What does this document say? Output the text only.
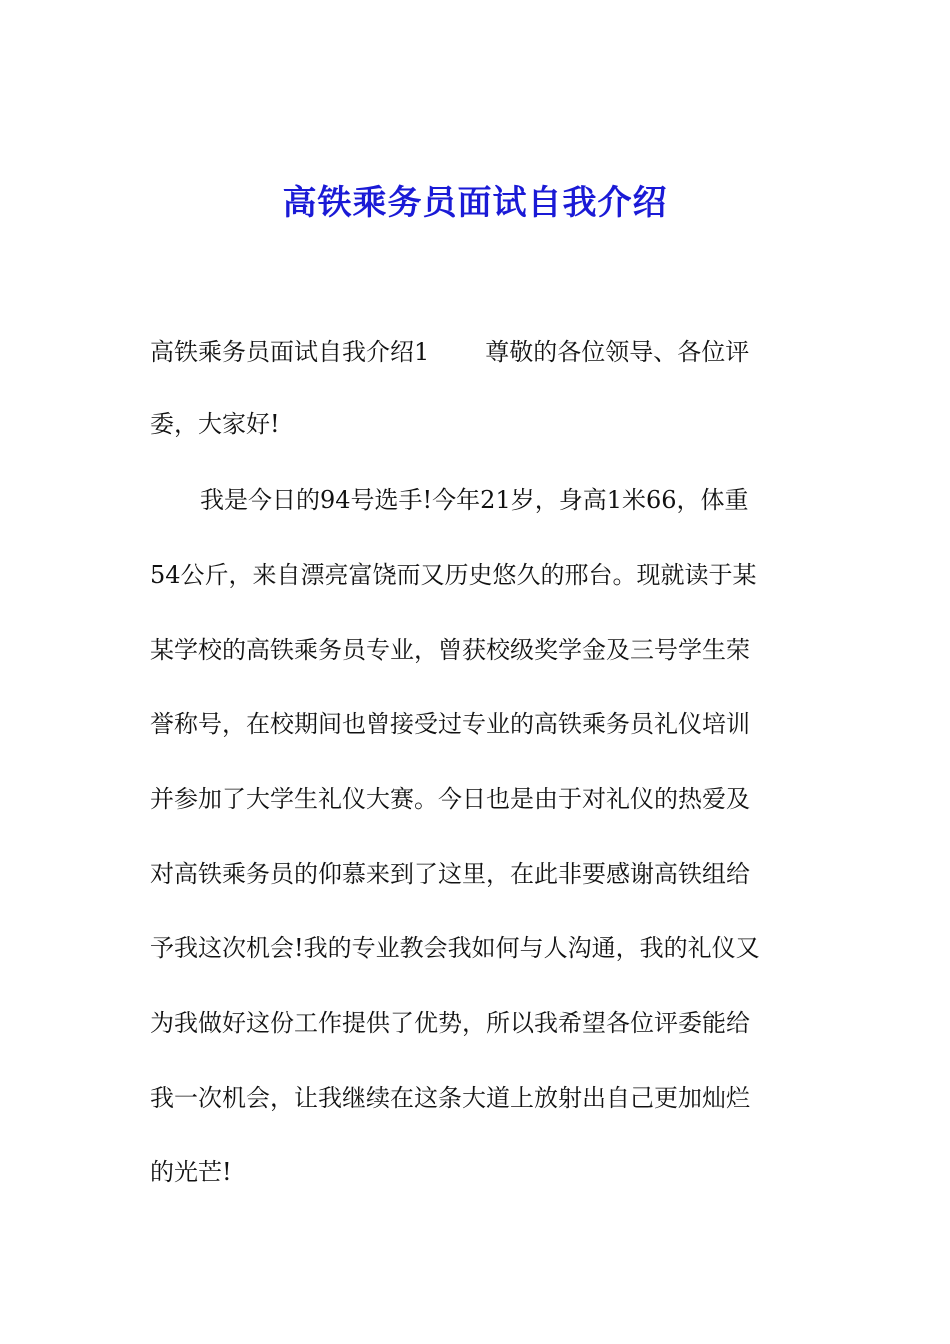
高铁乘务员面试自我介绍

高铁乘务员面试自我介绍1 尊敬的各位领导、各位评

委，大家好!

我是今日的94号选手!今年21岁，身高1米66，体重

54公斤，来自漂亮富饶而又历史悠久的邢台。现就读于某

某学校的高铁乘务员专业，曾获校级奖学金及三号学生荣

誉称号，在校期间也曾接受过专业的高铁乘务员礼仪培训

并参加了大学生礼仪大赛。今日也是由于对礼仪的热爱及

对高铁乘务员的仰慕来到了这里，在此非要感谢高铁组给

予我这次机会!我的专业教会我如何与人沟通，我的礼仪又

为我做好这份工作提供了优势，所以我希望各位评委能给

我一次机会，让我继续在这条大道上放射出自己更加灿烂

的光芒!
